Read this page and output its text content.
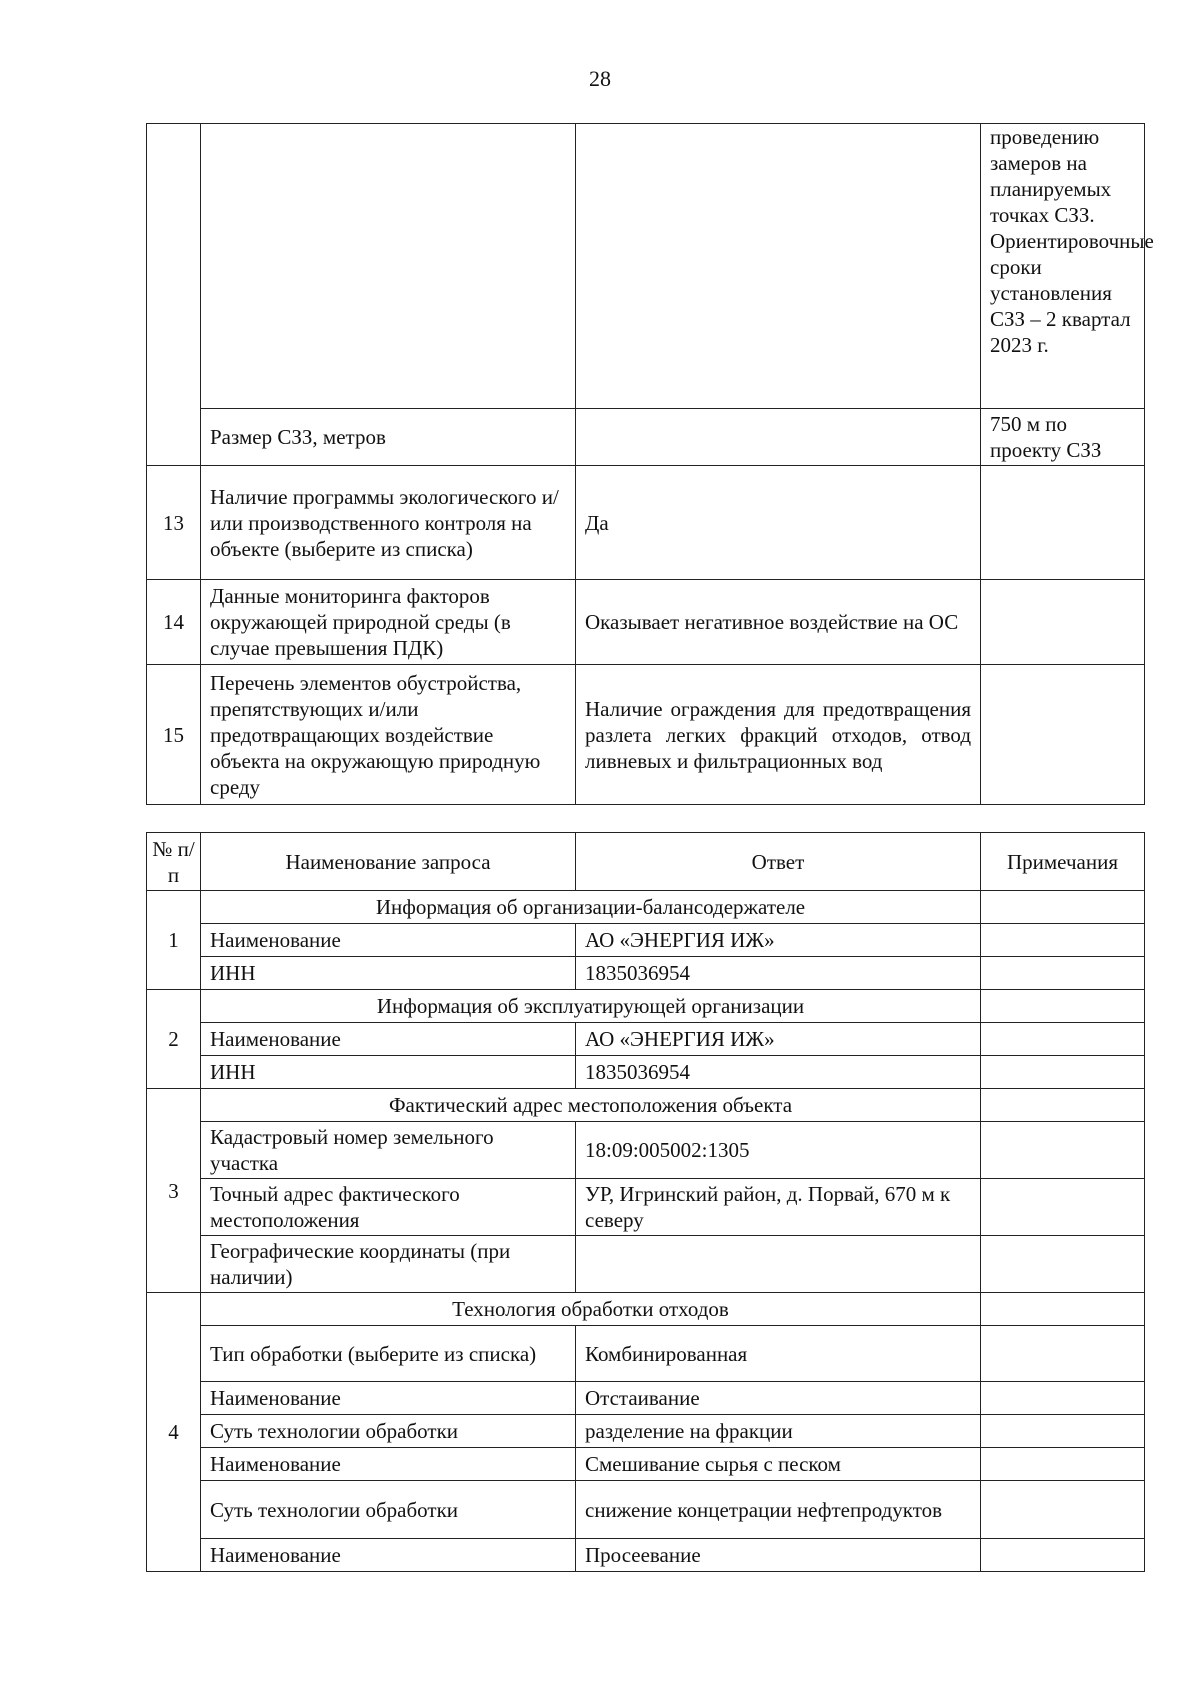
28
			проведению замеров на планируемых точках СЗЗ. Ориентировочные сроки установления СЗЗ – 2 квартал 2023 г.
	Размер СЗЗ, метров		750 м по проекту СЗЗ
13	Наличие программы экологического и/или производственного контроля на объекте (выберите из списка)	Да	
14	Данные мониторинга факторов окружающей природной среды (в случае превышения ПДК)	Оказывает негативное воздействие на ОС	
15	Перечень элементов обустройства, препятствующих и/или предотвращающих воздействие объекта на окружающую природную среду	Наличие ограждения для предотвращения разлета легких фракций отходов, отвод ливневых и фильтрационных вод	
№ п/п	Наименование запроса	Ответ	Примечания
1	Информация об организации-балансодержателе		
	Наименование	АО «ЭНЕРГИЯ ИЖ»	
	ИНН	1835036954	
2	Информация об эксплуатирующей организации		
	Наименование	АО «ЭНЕРГИЯ ИЖ»	
	ИНН	1835036954	
3	Фактический адрес местоположения объекта		
	Кадастровый номер земельного участка	18:09:005002:1305	
	Точный адрес фактического местоположения	УР, Игринский район, д. Порвай, 670 м к северу	
	Географические координаты (при наличии)		
4	Технология обработки отходов		
	Тип обработки (выберите из списка)	Комбинированная	
	Наименование	Отстаивание	
	Суть технологии обработки	разделение на фракции	
	Наименование	Смешивание сырья с песком	
	Суть технологии обработки	снижение концетрации нефтепродуктов	
	Наименование	Просеевание	
